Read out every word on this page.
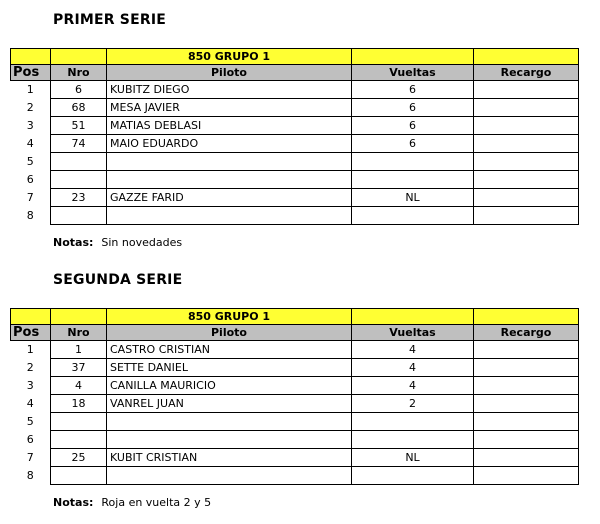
PRIMER SERIE
		850 GRUPO 1		
Pos	Nro	Piloto	Vueltas	Recargo
1	6	KUBITZ DIEGO	6	
2	68	MESA JAVIER	6	
3	51	MATIAS DEBLASI	6	
4	74	MAIO EDUARDO	6	
5				
6				
7	23	GAZZE FARID	NL	
8				
Notas: Sin novedades
SEGUNDA SERIE
		850 GRUPO 1		
Pos	Nro	Piloto	Vueltas	Recargo
1	1	CASTRO CRISTIAN	4	
2	37	SETTE DANIEL	4	
3	4	CANILLA MAURICIO	4	
4	18	VANREL JUAN	2	
5				
6				
7	25	KUBIT CRISTIAN	NL	
8				
Notas: Roja en vuelta 2 y 5
